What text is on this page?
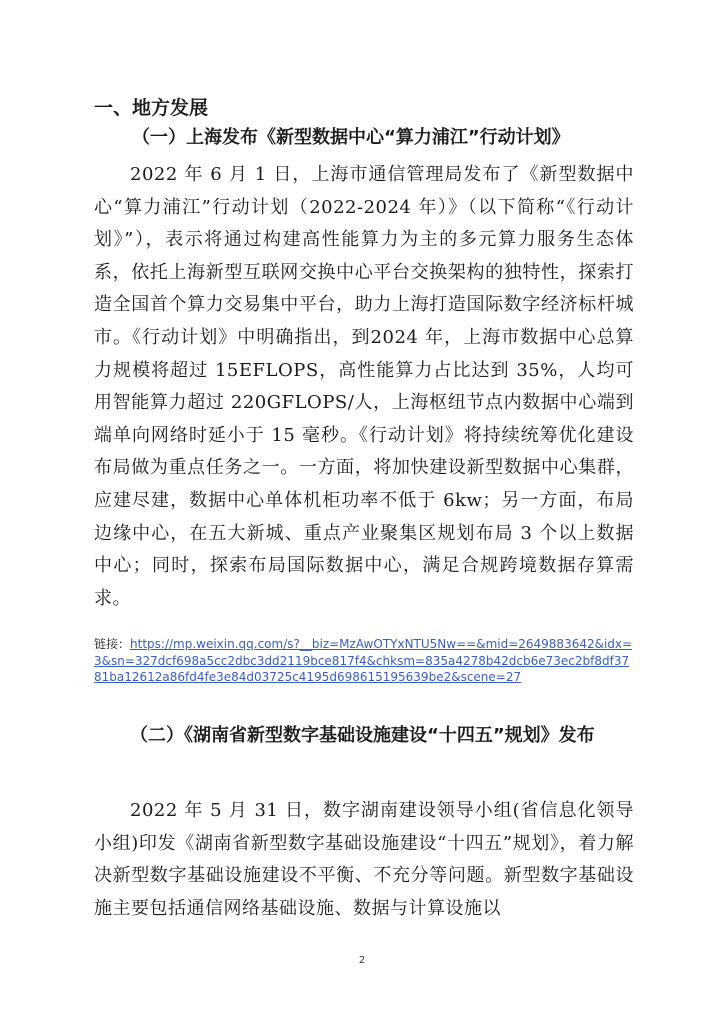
一、地方发展
（一）上海发布《新型数据中心“算力浦江”行动计划》
2022 年 6 月 1 日，上海市通信管理局发布了《新型数据中心“算力浦江”行动计划（2022-2024 年）》（以下简称“《行动计划》”），表示将通过构建高性能算力为主的多元算力服务生态体系，依托上海新型互联网交换中心平台交换架构的独特性，探索打造全国首个算力交易集中平台，助力上海打造国际数字经济标杆城市。《行动计划》中明确指出，到2024 年，上海市数据中心总算力规模将超过 15EFLOPS，高性能算力占比达到 35%，人均可用智能算力超过 220GFLOPS/人，上海枢纽节点内数据中心端到端单向网络时延小于 15 毫秒。《行动计划》将持续统筹优化建设布局做为重点任务之一。一方面，将加快建设新型数据中心集群，应建尽建，数据中心单体机柜功率不低于 6kw；另一方面，布局边缘中心，在五大新城、重点产业聚集区规划布局 3 个以上数据中心；同时，探索布局国际数据中心，满足合规跨境数据存算需求。
链接：https://mp.weixin.qq.com/s?__biz=MzAwOTYxNTU5Nw==&mid=2649883642&idx=3&sn=327dcf698a5cc2dbc3dd2119bce817f4&chksm=835a4278b42dcb6e73ec2bf8df3781ba12612a86fd4fe3e84d03725c4195d698615195639be2&scene=27
（二）《湖南省新型数字基础设施建设“十四五”规划》发布
2022 年 5 月 31 日，数字湖南建设领导小组(省信息化领导小组)印发《湖南省新型数字基础设施建设“十四五”规划》，着力解决新型数字基础设施建设不平衡、不充分等问题。新型数字基础设施主要包括通信网络基础设施、数据与计算设施以
2
